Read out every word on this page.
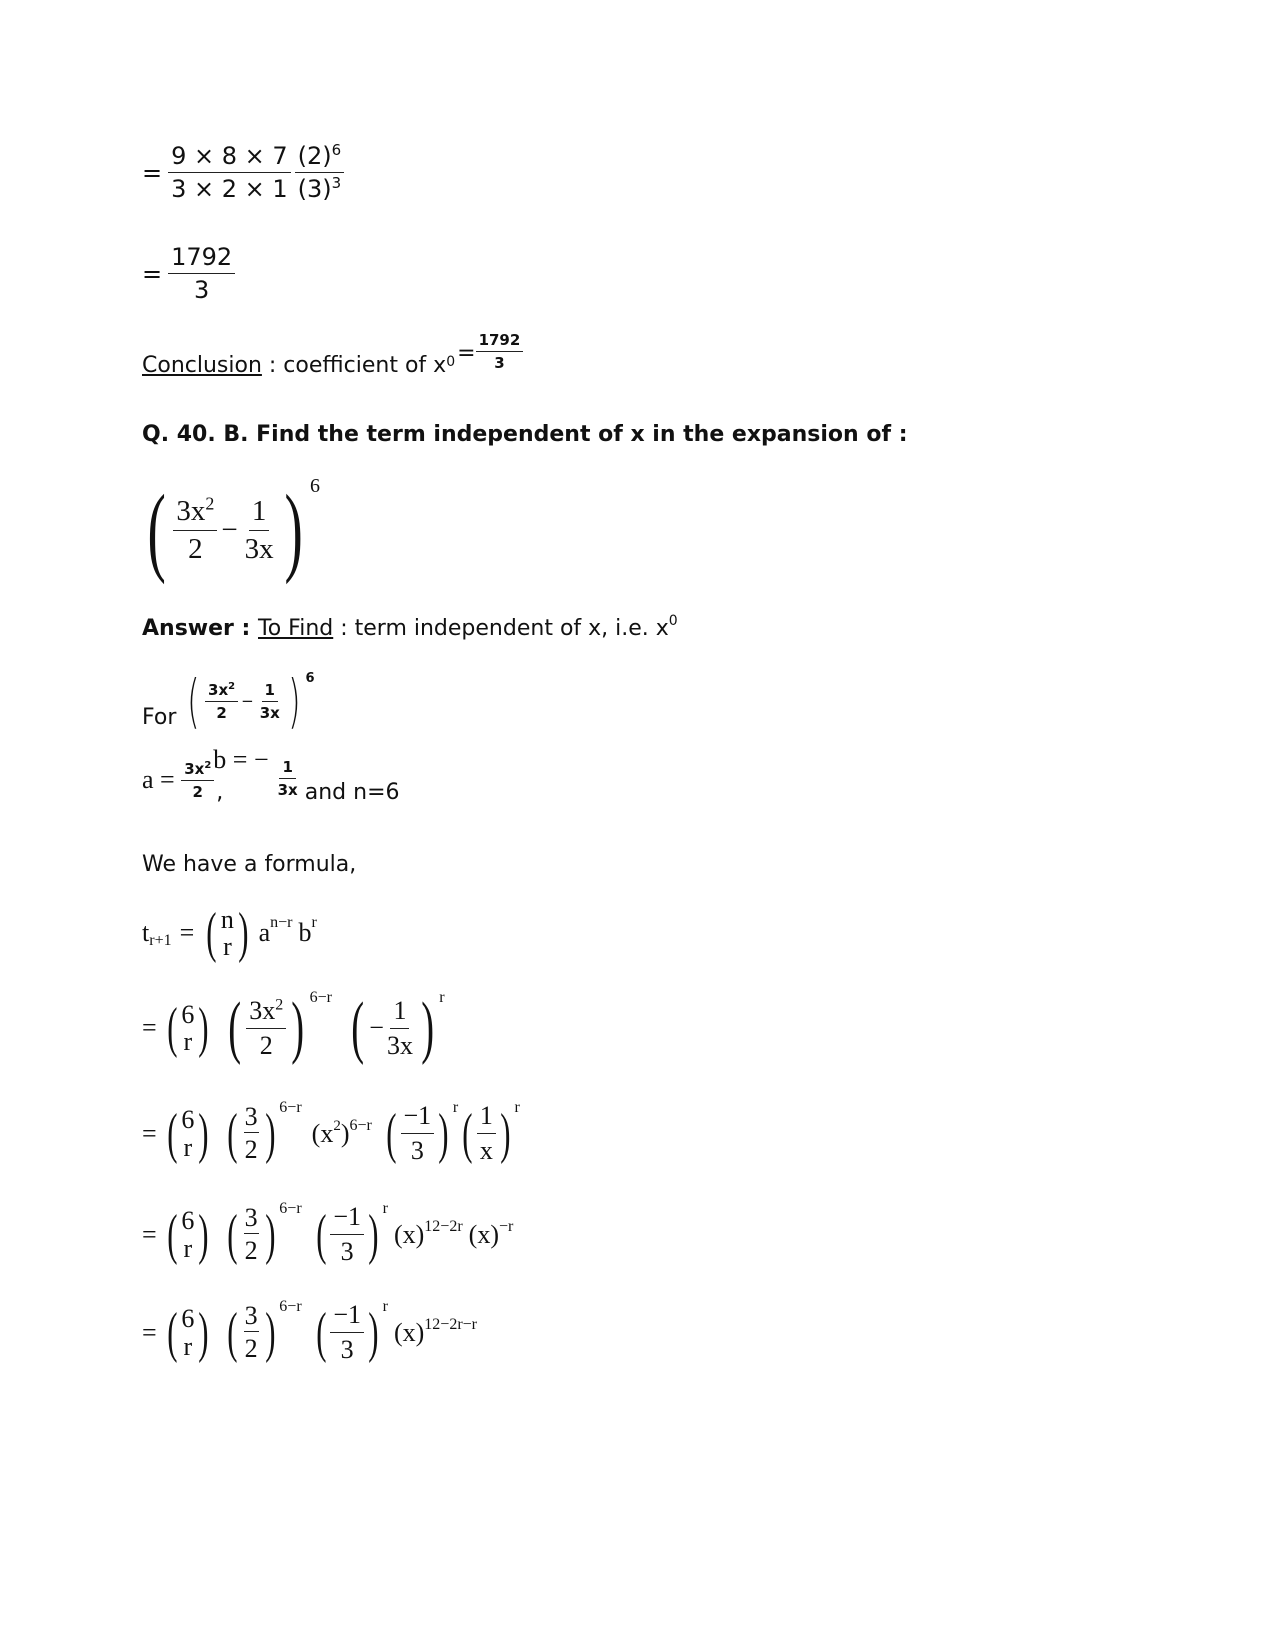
= $\frac{9 \times 8 \times 7}{3 \times 2 \times 1} \frac{(2)^6}{(3)^3}$
= $\frac{1792}{3}$
Conclusion : coefficient of $x^0 = \frac{1792}{3}$
Q. 40. B. Find the term independent of x in the expansion of :
( $\frac{3x^2}{2} - \frac{1}{3x}$ ) $^6$
Answer : To Find : term independent of x, i.e. $x^0$
For ( $\frac{3x^2}{2} - \frac{1}{3x}$ ) $^6$
$a = \frac{3x^2}{2}$ ,
b = − $\frac{1}{3x}$ and n=6
We have a formula,
$t_{r+1}$ = ( n
r ) $a^{n-r}$ $b^r$
= ( 6
r ) ( $\frac{3x^2}{2}$ ) $^{6-r}$ ( − $\frac{1}{3x}$ ) $^r$
= ( 6
r ) ( $\frac{3}{2}$ ) $^{6-r}$
($x^2$ )$^{6-r}$ ( $\frac{-1}{3}$ ) $^r$ ( $\frac{1}{x}$ ) $^r$
= ( 6
r ) ( $\frac{3}{2}$ ) $^{6-r}$ ( $\frac{-1}{3}$ ) $^r$
$(x)^{12-2r}$ $(x)^{-r}$
= ( 6
r ) ( $\frac{3}{2}$ ) $^{6-r}$ ( $\frac{-1}{3}$ ) $^r$
$(x)^{12-2r-r}$
